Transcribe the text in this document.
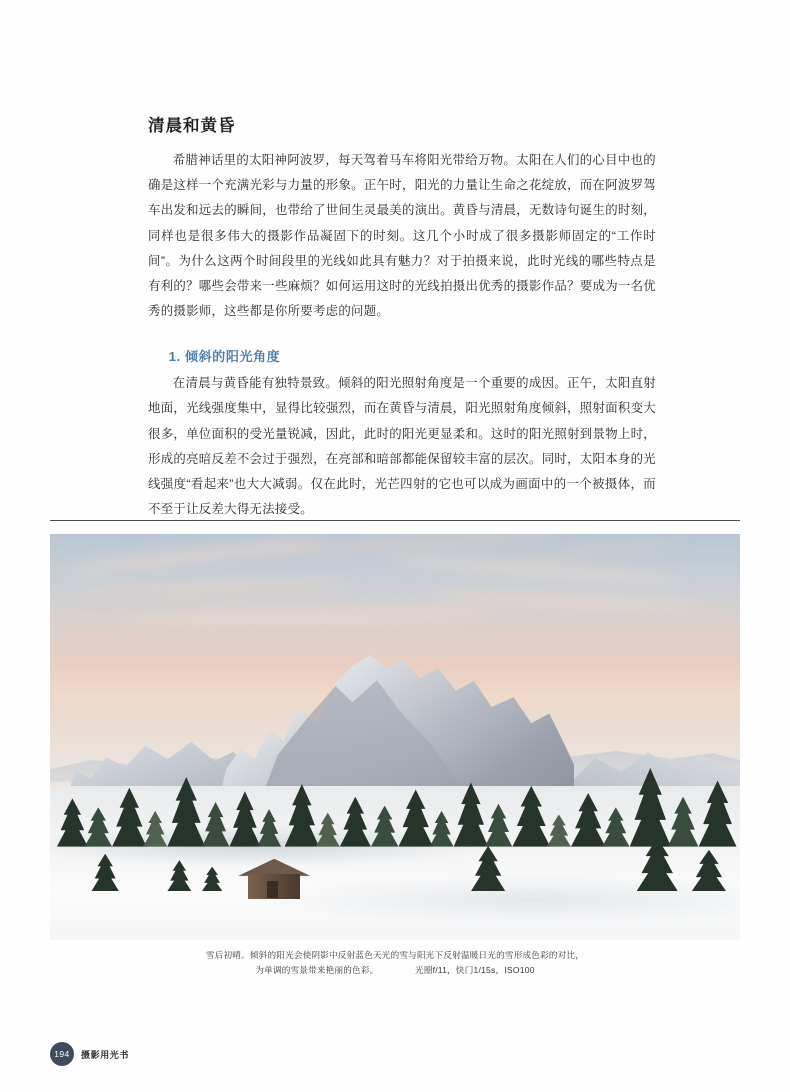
清晨和黄昏

希腊神话里的太阳神阿波罗，每天驾着马车将阳光带给万物。太阳在人们的心目中也的确是这样一个充满光彩与力量的形象。正午时，阳光的力量让生命之花绽放，而在阿波罗驾车出发和远去的瞬间，也带给了世间生灵最美的演出。黄昏与清晨，无数诗句诞生的时刻，同样也是很多伟大的摄影作品凝固下的时刻。这几个小时成了很多摄影师固定的“工作时间”。为什么这两个时间段里的光线如此具有魅力？对于拍摄来说，此时光线的哪些特点是有利的？哪些会带来一些麻烦？如何运用这时的光线拍摄出优秀的摄影作品？要成为一名优秀的摄影师，这些都是你所要考虑的问题。

1. 倾斜的阳光角度

在清晨与黄昏能有独特景致。倾斜的阳光照射角度是一个重要的成因。正午，太阳直射地面，光线强度集中，显得比较强烈，而在黄昏与清晨，阳光照射角度倾斜，照射面积变大很多，单位面积的受光量锐减，因此，此时的阳光更显柔和。这时的阳光照射到景物上时，形成的亮暗反差不会过于强烈，在亮部和暗部都能保留较丰富的层次。同时，太阳本身的光线强度“看起来”也大大减弱。仅在此时，光芒四射的它也可以成为画面中的一个被摄体，而不至于让反差大得无法接受。

雪后初晴。倾斜的阳光会使阴影中反射蓝色天光的雪与阳光下反射温暖日光的雪形成色彩的对比，
为单调的雪景带来艳丽的色彩。	光圈f/11，快门1/15s，ISO100
194	摄影用光书
